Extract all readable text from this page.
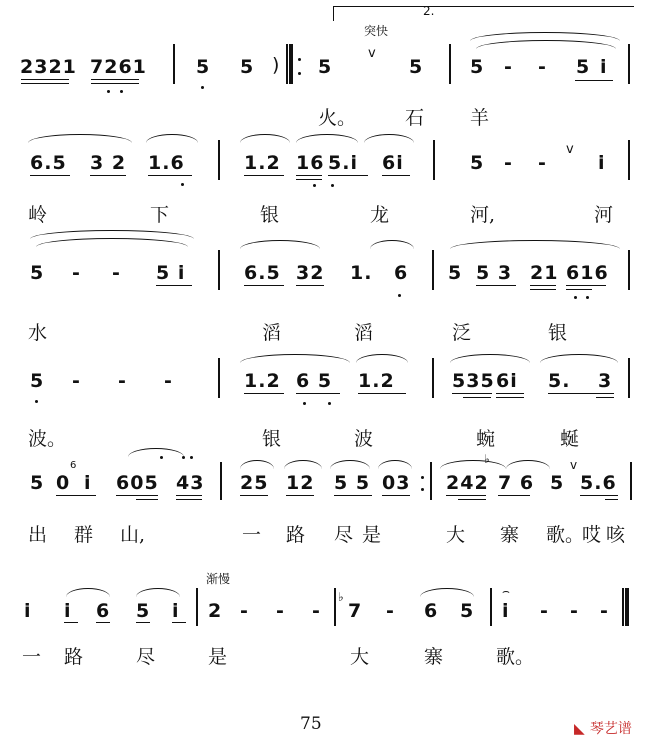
2.
突快
2321 7261	5 5 ) 5
v
5 5 - - 5 i
火。	石 羊
6.5 3 2 1.6	1.2 16 5.i 6i	5 - -
v
i
岭	下	银	龙	河,	河
5 - - 5 i	6.5 32 1. 6 5 5 3 21 616
水	滔	滔	泛	银
5 - - -	1.2 6 5 1.2	535 6i 5. 3
波。	银	波	蜿	蜒
♭	v
5 0
6
i 605 43 25 12 5 5 03 242 7 6 5 5.6
出 群 山,	一 路 尽 是	大 寨 歌。
哎 咳
渐慢
♭	⌢
i i 6 5 i 2 - - - 7 - 6 5 i - - -
一 路	尽	是	大	寨	歌。
75	◣ 琴艺谱
